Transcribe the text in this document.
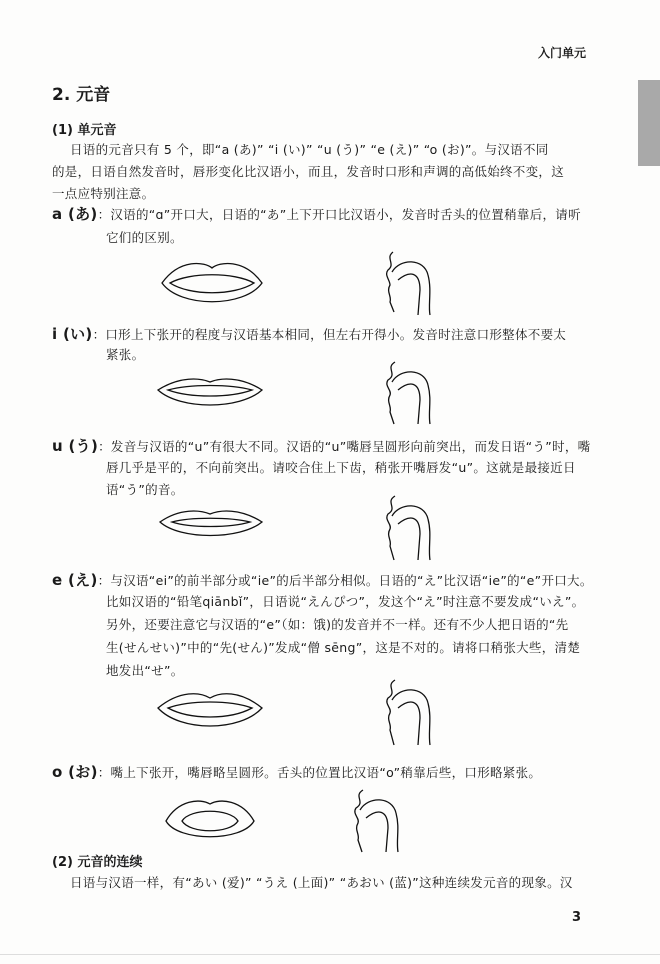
入门单元
2. 元音
(1) 单元音
日语的元音只有 5 个，即“a (あ)” “i (い)” “u (う)” “e (え)” “o (お)”。与汉语不同
的是，日语自然发音时，唇形变化比汉语小，而且，发音时口形和声调的高低始终不变，这
一点应特别注意。
a (あ)：汉语的“ɑ”开口大，日语的“あ”上下开口比汉语小，发音时舌头的位置稍靠后，请听
它们的区别。
i (い)：口形上下张开的程度与汉语基本相同，但左右开得小。发音时注意口形整体不要太
紧张。
u (う)：发音与汉语的“u”有很大不同。汉语的“u”嘴唇呈圆形向前突出，而发日语“う”时，嘴
唇几乎是平的，不向前突出。请咬合住上下齿，稍张开嘴唇发“u”。这就是最接近日
语“う”的音。
e (え)：与汉语“ei”的前半部分或“ie”的后半部分相似。日语的“え”比汉语“ie”的“e”开口大。
比如汉语的“铅笔qiānbǐ”，日语说“えんぴつ”，发这个“え”时注意不要发成“いえ”。
另外，还要注意它与汉语的“e”（如：饿)的发音并不一样。还有不少人把日语的“先
生(せんせい)”中的“先(せん)”发成“僧 sēng”，这是不对的。请将口稍张大些，清楚
地发出“せ”。
o (お)：嘴上下张开，嘴唇略呈圆形。舌头的位置比汉语“o”稍靠后些，口形略紧张。
(2) 元音的连续
日语与汉语一样，有“あい (爱)” “うえ (上面)” “あおい (蓝)”这种连续发元音的现象。汉
3
